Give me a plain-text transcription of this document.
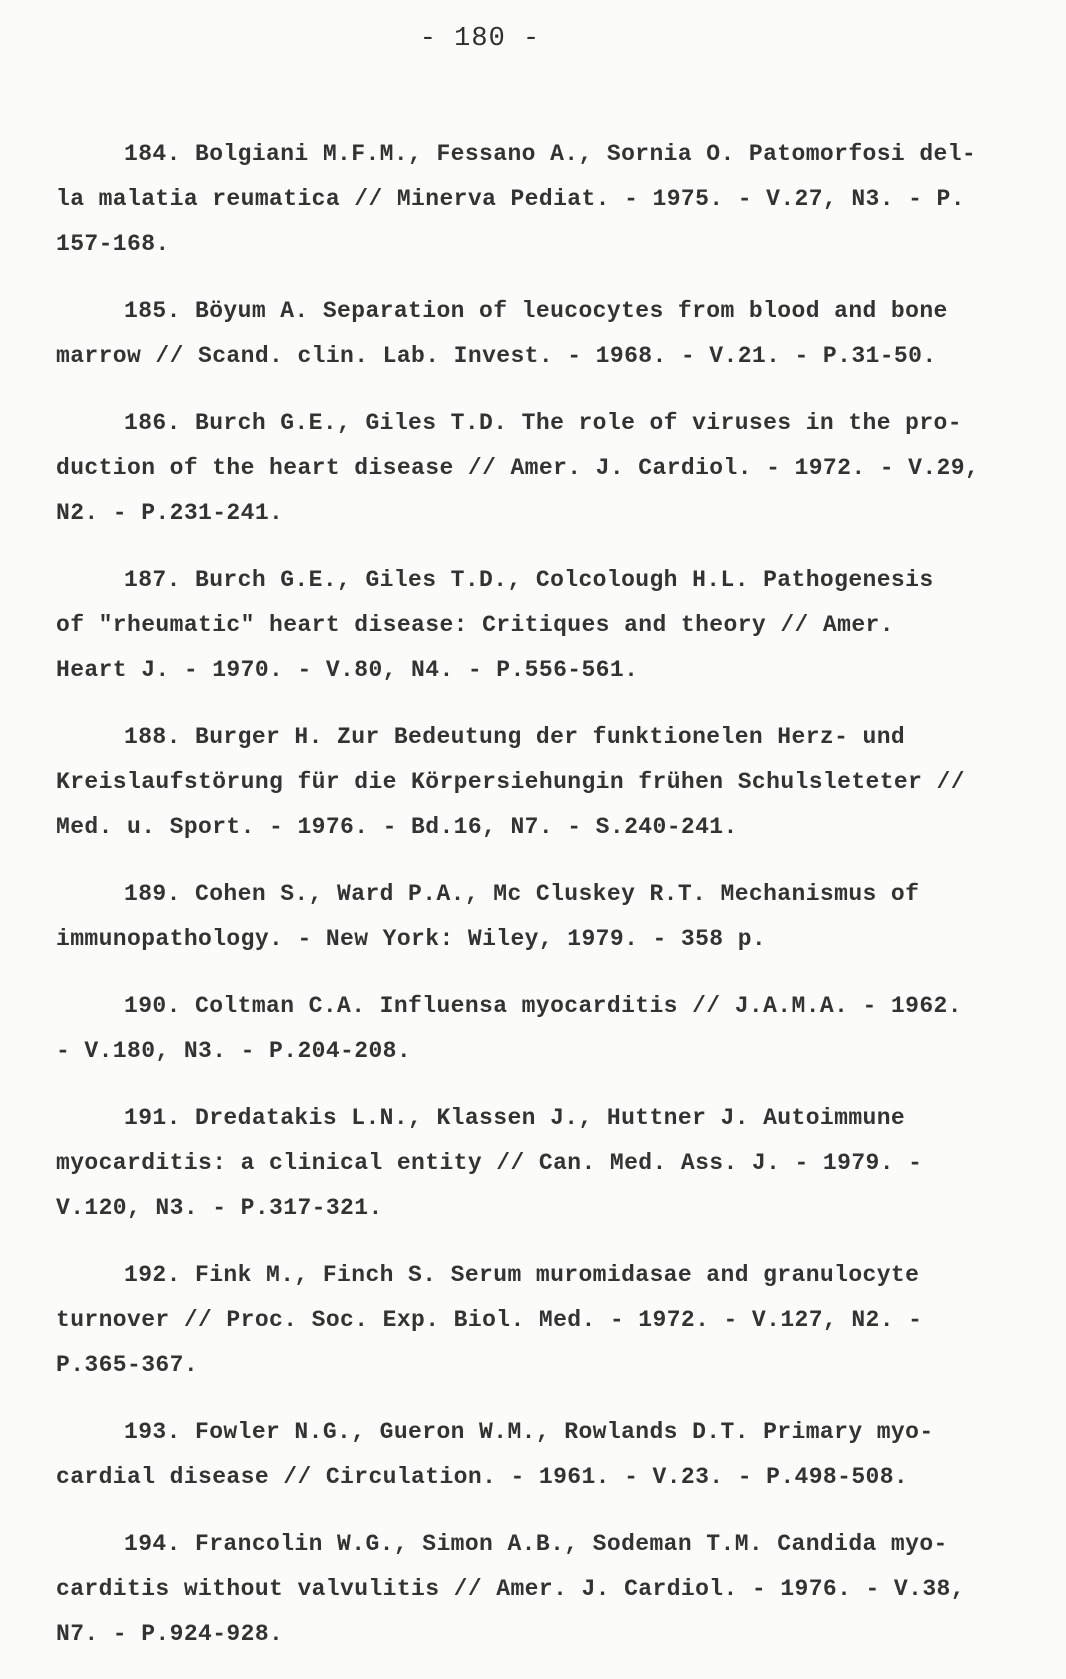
- 180 -
184. Bolgiani M.F.M., Fessano A., Sornia O. Patomorfosi del-
la malatia reumatica // Minerva Pediat. - 1975. - V.27, N3. - P.
157-168.
185. Böyum A. Separation of leucocytes from blood and bone
marrow // Scand. clin. Lab. Invest. - 1968. - V.21. - P.31-50.
186. Burch G.E., Giles T.D. The role of viruses in the pro-
duction of the heart disease // Amer. J. Cardiol. - 1972. - V.29,
N2. - P.231-241.
187. Burch G.E., Giles T.D., Colcolough H.L. Pathogenesis
of "rheumatic" heart disease: Critiques and theory // Amer.
Heart J. - 1970. - V.80, N4. - P.556-561.
188. Burger H. Zur Bedeutung der funktionelen Herz- und
Kreislaufstörung für die Körpersiehungin frühen Schulsleteter //
Med. u. Sport. - 1976. - Bd.16, N7. - S.240-241.
189. Cohen S., Ward P.A., Mc Cluskey R.T. Mechanismus of
immunopathology. - New York: Wiley, 1979. - 358 p.
190. Coltman C.A. Influensa myocarditis // J.A.M.A. - 1962.
- V.180, N3. - P.204-208.
191. Dredatakis L.N., Klassen J., Huttner J. Autoimmune
myocarditis: a clinical entity // Can. Med. Ass. J. - 1979. -
V.120, N3. - P.317-321.
192. Fink M., Finch S. Serum muromidasae and granulocyte
turnover // Proc. Soc. Exp. Biol. Med. - 1972. - V.127, N2. -
P.365-367.
193. Fowler N.G., Gueron W.M., Rowlands D.T. Primary myo-
cardial disease // Circulation. - 1961. - V.23. - P.498-508.
194. Francolin W.G., Simon A.B., Sodeman T.M. Candida myo-
carditis without valvulitis // Amer. J. Cardiol. - 1976. - V.38,
N7. - P.924-928.
